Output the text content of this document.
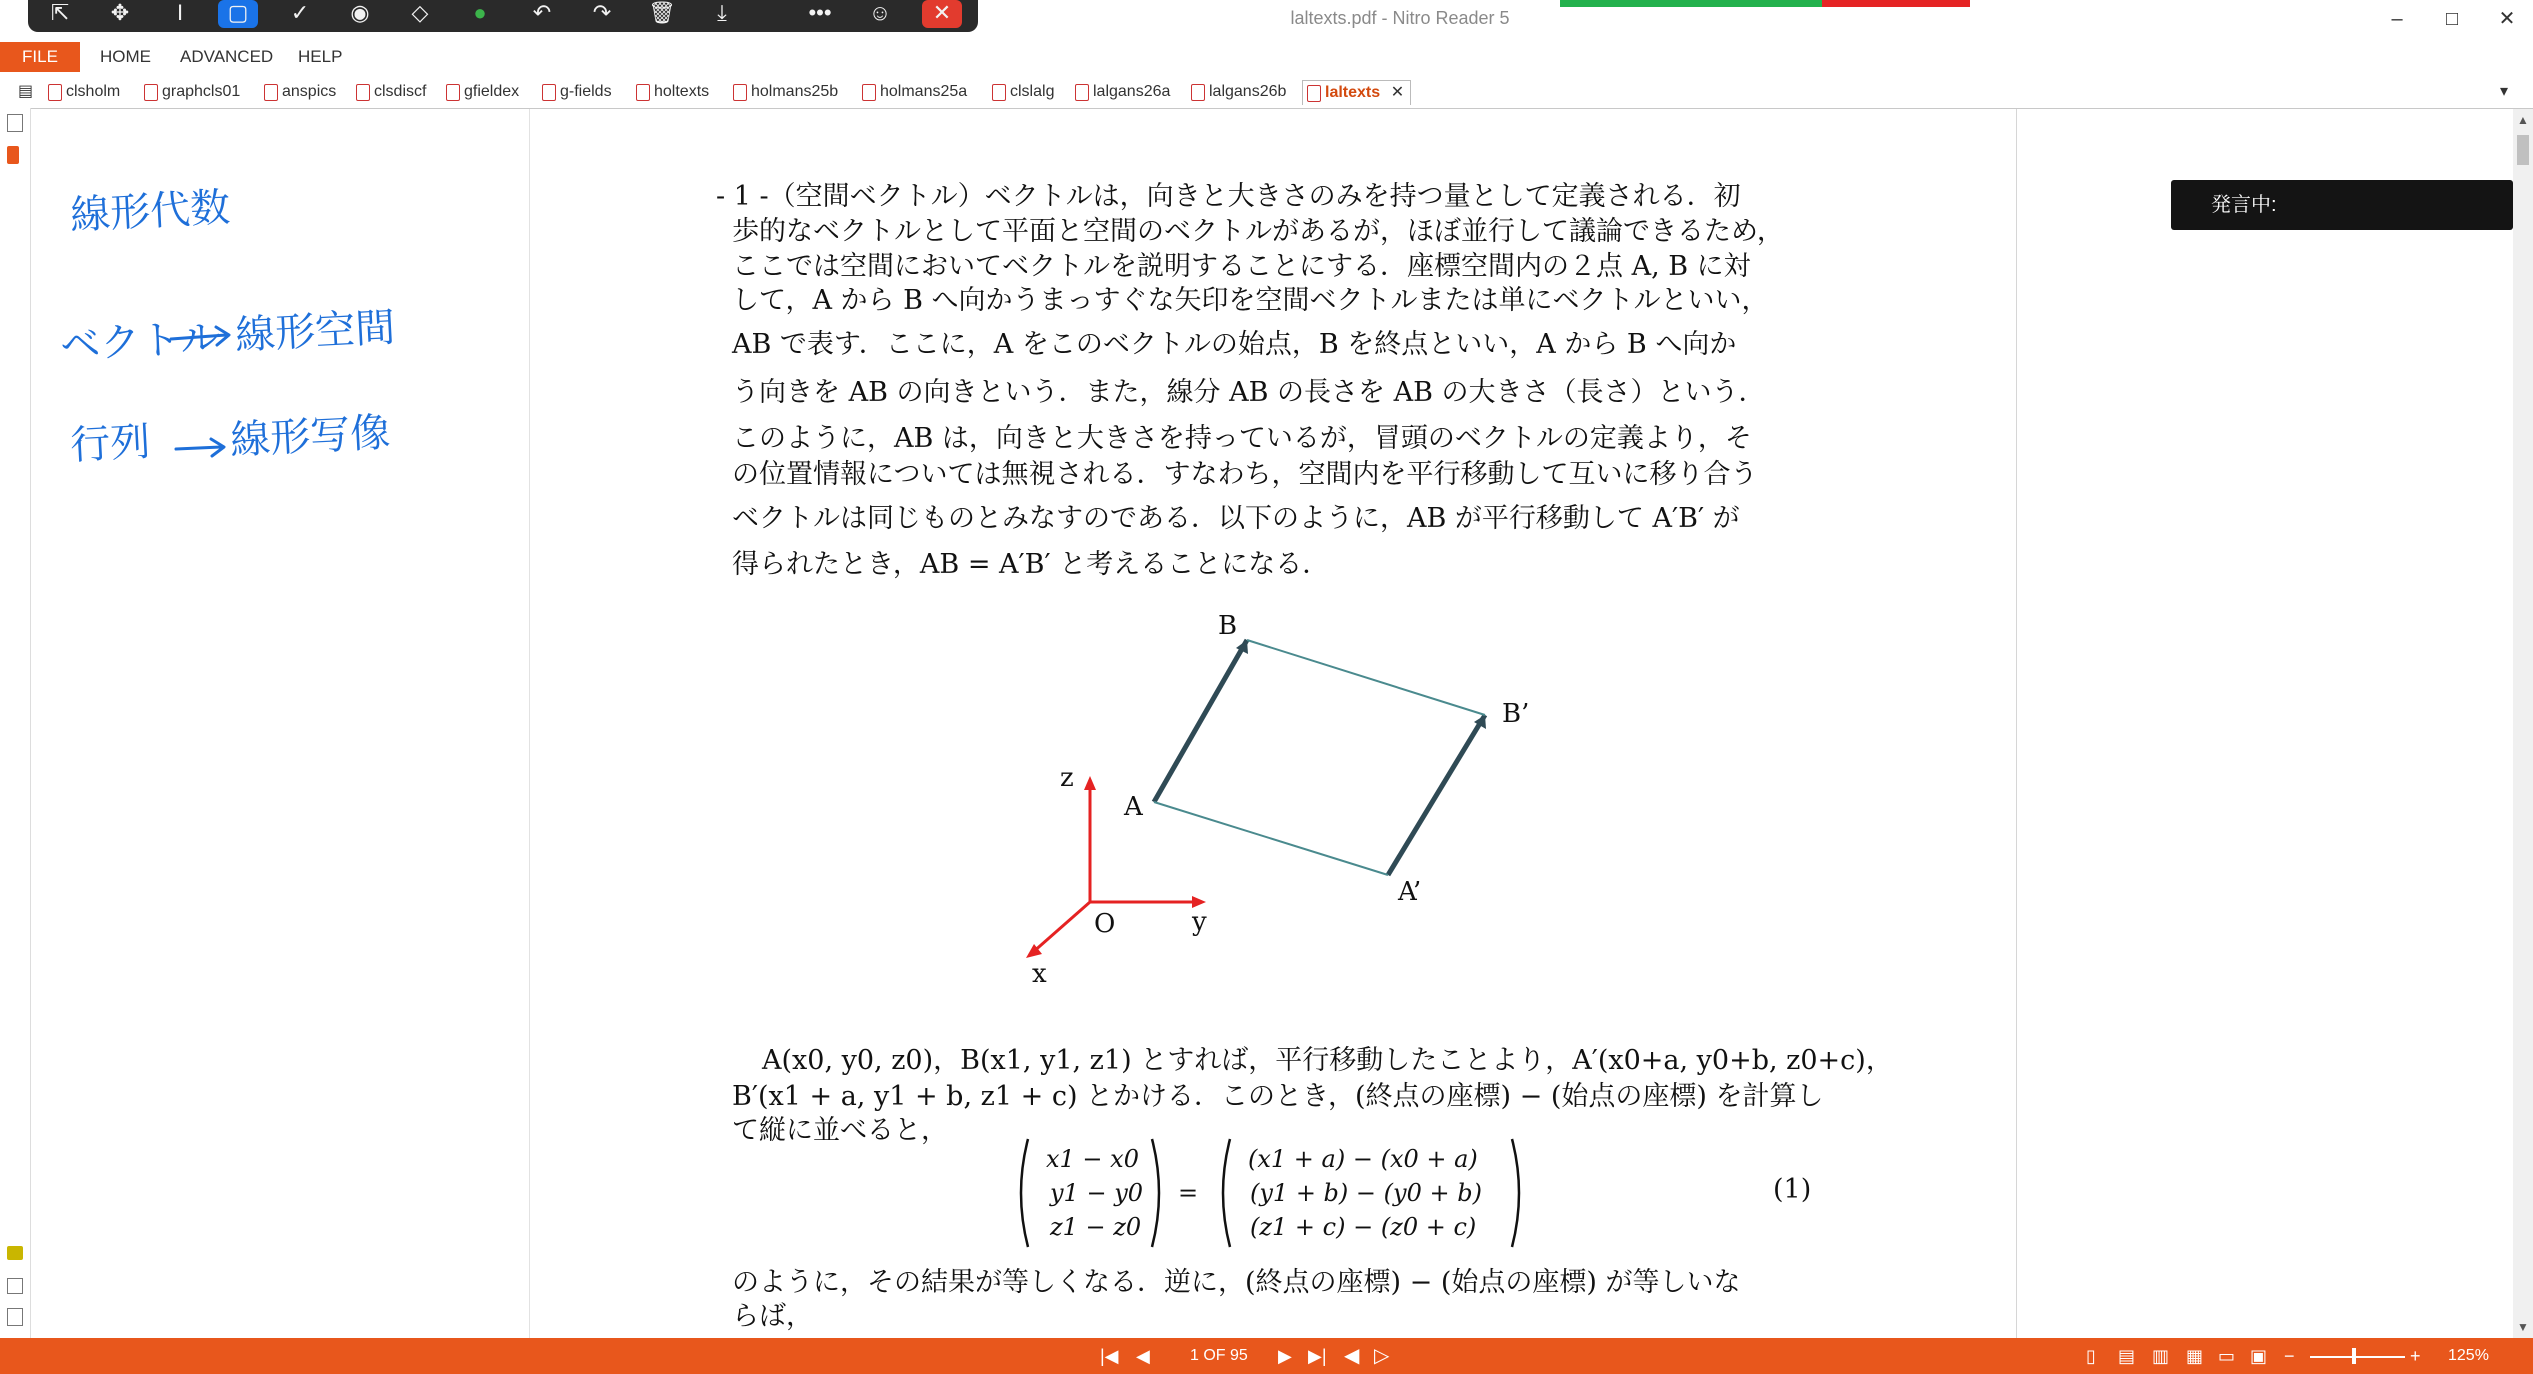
laltexts.pdf - Nitro Reader 5	–	□	✕
⇱	✥	I	▢	✓	◉	◇	●	↶	↷	🗑	⤓	•••	☺	✕
FILE	HOME ADVANCED HELP
▤	clsholm	graphcls01	anspics	clsdiscf	gfieldex	g-fields	holtexts	holmans25b	holmans25a	clslalg	lalgans26a	lalgans26b	laltexts ✕	▾
線形代数
ベクトル 線形空間
行列 線形写像
- 1 -（空間ベクトル）ベクトルは，向きと大きさのみを持つ量として定義される．初
歩的なベクトルとして平面と空間のベクトルがあるが，ほぼ並行して議論できるため，
ここでは空間においてベクトルを説明することにする．座標空間内の２点 A, B に対
して，A から B へ向かうまっすぐな矢印を空間ベクトルまたは単にベクトルといい，
AB で表す．ここに，A をこのベクトルの始点，B を終点といい，A から B へ向か
う向きを AB の向きという．また，線分 AB の長さを AB の大きさ（長さ）という．
このように，AB は，向きと大きさを持っているが，冒頭のベクトルの定義より，そ
の位置情報については無視される．すなわち，空間内を平行移動して互いに移り合う
ベクトルは同じものとみなすのである．以下のように，AB が平行移動して A′B′ が
得られたとき，AB = A′B′ と考えることになる．
A(x0, y0, z0)，B(x1, y1, z1) とすれば，平行移動したことより，A′(x0+a, y0+b, z0+c)，
B′(x1 + a, y1 + b, z1 + c) とかける．このとき，(終点の座標) − (始点の座標) を計算し
て縦に並べると，
のように，その結果が等しくなる．逆に，(終点の座標) − (始点の座標) が等しいな
らば，
B
B’
A
A’
O	y
z
x
x1 − x0
y1 − y0
z1 − z0
=
(x1 + a) − (x0 + a)
(y1 + b) − (y0 + b)
(z1 + c) − (z0 + c)
(1)
発言中:
▲
▼
|◀ ◀	1 OF 95 ▶ ▶| ◀ ▷	▯ ▤ ▥ ▦ ▭ ▣ −	+ 125%
